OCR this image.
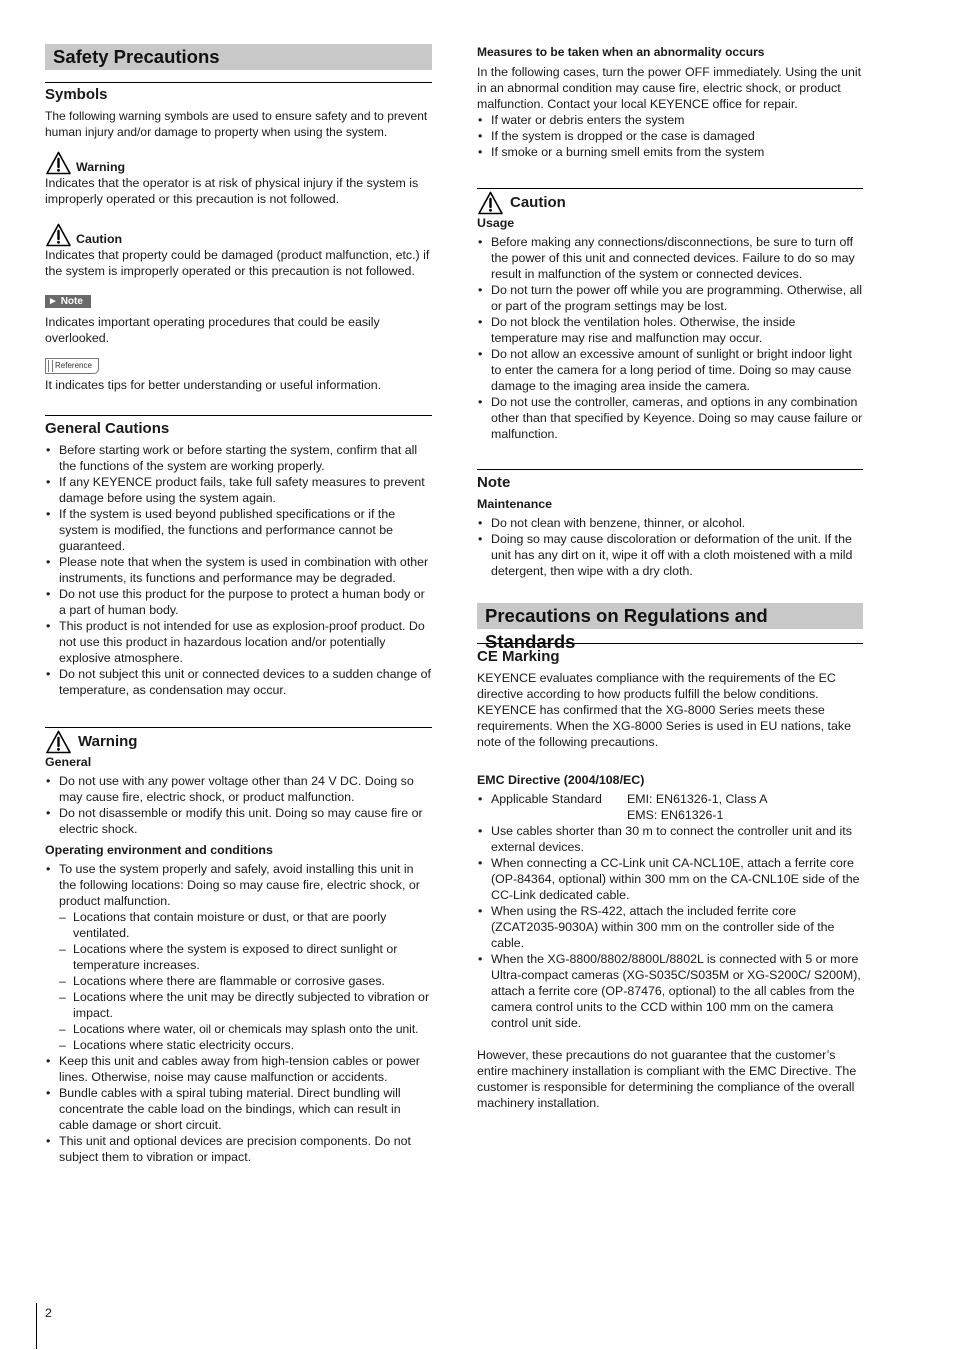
Safety Precautions
Symbols

The following warning symbols are used to ensure safety and to prevent human injury and/or damage to property when using the system.

Warning

Indicates that the operator is at risk of physical injury if the system is improperly operated or this precaution is not followed.

Caution

Indicates that property could be damaged (product malfunction, etc.) if the system is improperly operated or this precaution is not followed.

► Note

Indicates important operating procedures that could be easily overlooked.

Reference

It indicates tips for better understanding or useful information.

General Cautions
• Before starting work or before starting the system, confirm that all the functions of the system are working properly.
• If any KEYENCE product fails, take full safety measures to prevent damage before using the system again.
• If the system is used beyond published specifications or if the system is modified, the functions and performance cannot be guaranteed.
• Please note that when the system is used in combination with other instruments, its functions and performance may be degraded.
• Do not use this product for the purpose to protect a human body or a part of human body.
• This product is not intended for use as explosion-proof product. Do not use this product in hazardous location and/or potentially explosive atmosphere.
• Do not subject this unit or connected devices to a sudden change of temperature, as condensation may occur.
Warning

General

• Do not use with any power voltage other than 24 V DC. Doing so may cause fire, electric shock, or product malfunction.
• Do not disassemble or modify this unit. Doing so may cause fire or electric shock.

Operating environment and conditions

• To use the system properly and safely, avoid installing this unit in the following locations: Doing so may cause fire, electric shock, or product malfunction.
– Locations that contain moisture or dust, or that are poorly ventilated.
– Locations where the system is exposed to direct sunlight or temperature increases.
– Locations where there are flammable or corrosive gases.
– Locations where the unit may be directly subjected to vibration or impact.
– Locations where water, oil or chemicals may splash onto the unit.
– Locations where static electricity occurs.
• Keep this unit and cables away from high-tension cables or power lines. Otherwise, noise may cause malfunction or accidents.
• Bundle cables with a spiral tubing material. Direct bundling will concentrate the cable load on the bindings, which can result in cable damage or short circuit.
• This unit and optional devices are precision components. Do not subject them to vibration or impact.

Measures to be taken when an abnormality occurs

In the following cases, turn the power OFF immediately. Using the unit in an abnormal condition may cause fire, electric shock, or product malfunction. Contact your local KEYENCE office for repair.

• If water or debris enters the system
• If the system is dropped or the case is damaged
• If smoke or a burning smell emits from the system
Caution

Usage

• Before making any connections/disconnections, be sure to turn off the power of this unit and connected devices. Failure to do so may result in malfunction of the system or connected devices.
• Do not turn the power off while you are programming. Otherwise, all or part of the program settings may be lost.
• Do not block the ventilation holes. Otherwise, the inside temperature may rise and malfunction may occur.
• Do not allow an excessive amount of sunlight or bright indoor light to enter the camera for a long period of time. Doing so may cause damage to the imaging area inside the camera.
• Do not use the controller, cameras, and options in any combination other than that specified by Keyence. Doing so may cause failure or malfunction.
Note

Maintenance

• Do not clean with benzene, thinner, or alcohol.
• Doing so may cause discoloration or deformation of the unit. If the unit has any dirt on it, wipe it off with a cloth moistened with a mild detergent, then wipe with a dry cloth.
Precautions on Regulations and Standards
CE Marking

KEYENCE evaluates compliance with the requirements of the EC directive according to how products fulfill the below conditions. KEYENCE has confirmed that the XG-8000 Series meets these requirements. When the XG-8000 Series is used in EU nations, take note of the following precautions.

EMC Directive (2004/108/EC)

• Applicable Standard	EMI: EN61326-1, Class A
EMS: EN61326-1
• Use cables shorter than 30 m to connect the controller unit and its external devices.
• When connecting a CC-Link unit CA-NCL10E, attach a ferrite core (OP-84364, optional) within 300 mm on the CA-CNL10E side of the CC-Link dedicated cable.
• When using the RS-422, attach the included ferrite core (ZCAT2035-9030A) within 300 mm on the controller side of the cable.
• When the XG-8800/8802/8800L/8802L is connected with 5 or more Ultra-compact cameras (XG-S035C/S035M or XG-S200C/ S200M), attach a ferrite core (OP-87476, optional) to the all cables from the camera control units to the CCD within 100 mm on the camera control unit side.

However, these precautions do not guarantee that the customer’s entire machinery installation is compliant with the EMC Directive. The customer is responsible for determining the compliance of the overall machinery installation.

2
